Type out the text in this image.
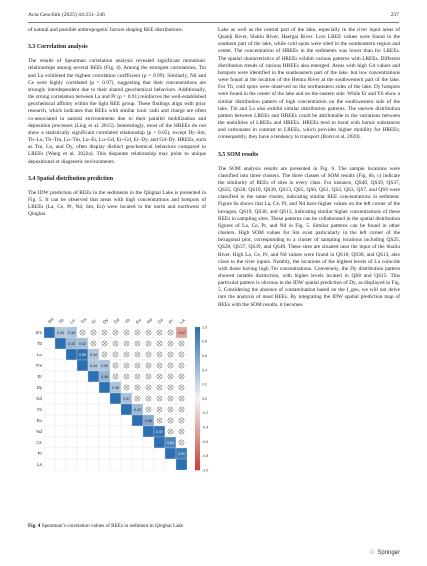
Acta Geochim (2025) 44:231–246	237

of natural and possible anthropogenic factors shaping REE distributions.

3.3 Correlation analysis

The results of Spearman correlation analysis revealed significant monotonic relationships among several REEs (Fig. 4). Among the strongest correlations, Tm and Lu exhibited the highest correlation coefficient (ρ = 0.99). Similarly, Nd and Ce were highly correlated (ρ = 0.97), suggesting that their concentrations are strongly interdependent due to their shared geochemical behaviors. Additionally, the strong correlation between La and Pr (ρ = 0.91) reinforces the well-established geochemical affinity within the light REE group. These findings align with prior research, which indicates that REEs with similar ionic radii and charge are often co-associated in natural environments due to their parallel mobilization and deposition processes (Ling et al. 2015). Interestingly, most of the HREEs do not show a statistically significant correlated relationship (p < 0.05), except Dy–Sm, Tb–Lu, Tb–Tm, Lu–Tm, Lu–Er, Lu–Gd, Er–Gd, Er–Dy, and Gd–Dy. HREEs, such as Tm, Lu, and Dy, often display distinct geochemical behaviors compared to LREEs (Wang et al. 2022a). This disparate relationship may point to unique depositional or diagenetic environments.

3.4 Spatial distribution prediction

The IDW prediction of REEs in the sediments in the Qinghai Lake is presented in Fig. 5. It can be observed that areas with high concentrations and hotspots of LREEs (La, Ce, Pr, Nd, Sm, Eu) were located in the north and northwest of Qinghai

Sm Tb Lu Tm Er Dy Gd Yb Eu Nd Ce Pr La
Sm
Tb
Lu
Tm
Er
Dy
Gd
Yb
Eu
Nd
Ce
Pr
La
0.34 0.36	-0.47
0.44 0.42
0.99 0.34
0.34 0.36
0.48
0.36
0.37
0.43
0.56
0.97
0.84
0.91
1.0
0.8
0.6
0.4
0.2
0.0
-0.2
-0.4
-0.6
-0.8
-1.0
Fig. 4 Spearman’s correlation values of REEs in sediment in Qinghai Lake

Lake as well as the central part of the lake, especially in the river input areas of Quanji River, Shaliu River, Haergai River. Low LREE values were found in the southern part of the lake, while cold spots were sited in the southeastern region and center. The concentration of HREEs in the sediments was lower than for LREEs. The spatial characteristics of HREEs exhibit various patterns with LREEs. Different distribution trends of various HREEs also emerged. Areas with high Gd values and hotspots were identified in the southeastern part of the lake, but low concentrations were found at the location of the Heima River at the southwestern part of the lake. For Tb, cold spots were observed on the northeastern sides of the lake. Dy hotspots were found in the center of the lake and on the eastern side. While Er and Yb show a similar distribution pattern of high concentration on the southwestern side of the lake, Tm and Lu also exhibit similar distribution patterns. The uneven distribution pattern between LREEs and HREEs could be attributable to the variations between the mobilities of LREEs and HREEs. HREEs tend to bond with humic substances and carbonates in contrast to LREEs, which provides higher mobility for HREEs; consequently, they have a tendency to transport (Borst et al. 2020).

3.5 SOM results

The SOM analysis results are presented in Fig. 6. The sample locations were classified into three clusters. The three classes of SOM results (Fig. 6b, c) indicate the similarity of REEs of sites in every class. For instance, QS40, QS39, QS37, QS25, QS28, QS10, QS38, QS13, QS5, QS6, QS1, QS2, QS3, QS7, and QS9 were classified in the same cluster, indicating similar REE concentrations in sediment. Figure 6a shows that La, Ce, Pr, and Nd have higher values on the left corner of the hexagon, QS10, QS38, and QS13, indicating similar higher concentrations of these REEs in sampling sites. These patterns can be collaborated in the spatial distribution figures of La, Ce, Pr, and Nd in Fig. 5. Similar patterns can be found in other clusters. High SOM values for Sm exist particularly in the left corner of the hexagonal plot, corresponding to a cluster of sampling locations including QS25, QS28, QS37, QS39, and QS40. These sites are situated near the input of the Shaliu River. High La, Ce, Pr, and Nd values were found in QS10, QS38, and QS13, also close to the river inputs. Notably, the locations of the highest levels of Lu coincide with those having high Tm concentrations. Conversely, the Dy distribution pattern showed notable distinction, with higher levels located in QS8 and QS15. This particular pattern is obvious in the IDW spatial prediction of Dy, as displayed in Fig. 5. Considering the absence of contamination based on the I_geo, we will not delve into the analysis of most REEs. By integrating the IDW spatial prediction map of REEs with the SOM results, it becomes

♘ Springer
